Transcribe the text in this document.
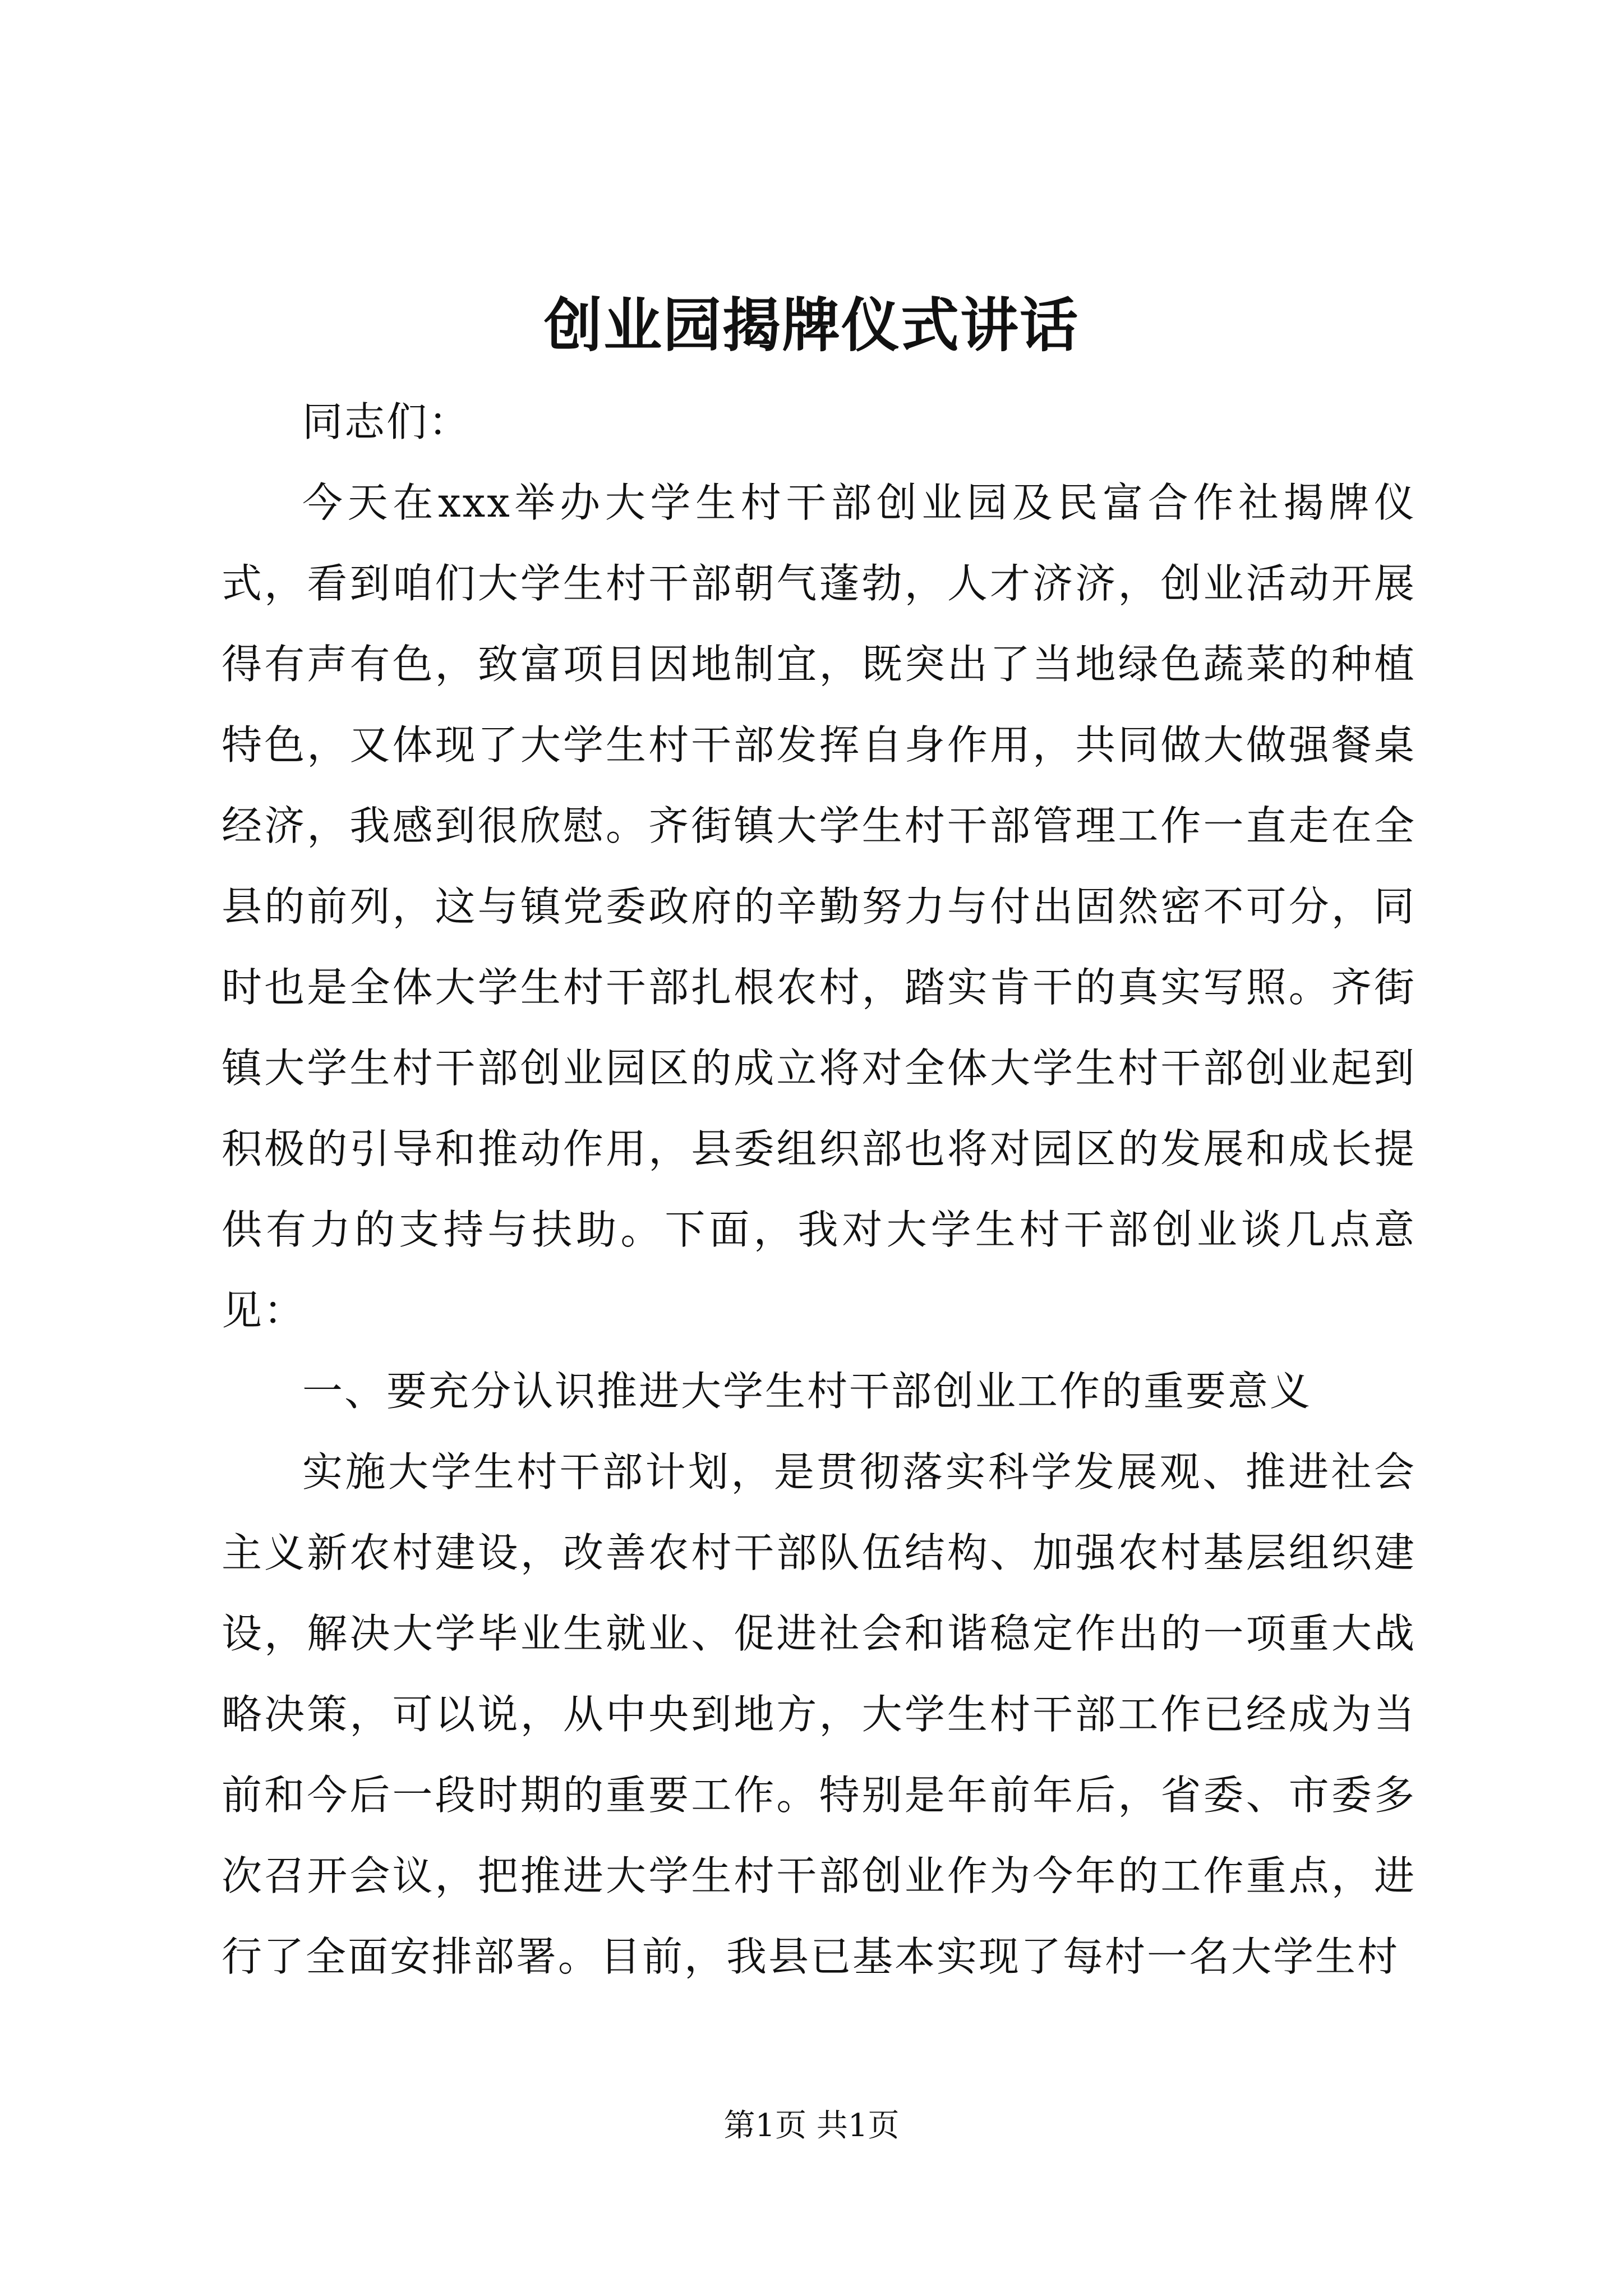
创业园揭牌仪式讲话

同志们：

今天在xxx举办大学生村干部创业园及民富合作社揭牌仪式，看到咱们大学生村干部朝气蓬勃，人才济济，创业活动开展得有声有色，致富项目因地制宜，既突出了当地绿色蔬菜的种植特色，又体现了大学生村干部发挥自身作用，共同做大做强餐桌经济，我感到很欣慰。齐街镇大学生村干部管理工作一直走在全县的前列，这与镇党委政府的辛勤努力与付出固然密不可分，同时也是全体大学生村干部扎根农村，踏实肯干的真实写照。齐街镇大学生村干部创业园区的成立将对全体大学生村干部创业起到积极的引导和推动作用，县委组织部也将对园区的发展和成长提供有力的支持与扶助。下面，我对大学生村干部创业谈几点意见：

一、要充分认识推进大学生村干部创业工作的重要意义

实施大学生村干部计划，是贯彻落实科学发展观、推进社会主义新农村建设，改善农村干部队伍结构、加强农村基层组织建设，解决大学毕业生就业、促进社会和谐稳定作出的一项重大战略决策，可以说，从中央到地方，大学生村干部工作已经成为当前和今后一段时期的重要工作。特别是年前年后，省委、市委多次召开会议，把推进大学生村干部创业作为今年的工作重点，进行了全面安排部署。目前，我县已基本实现了每村一名大学生村

第1页 共1页
